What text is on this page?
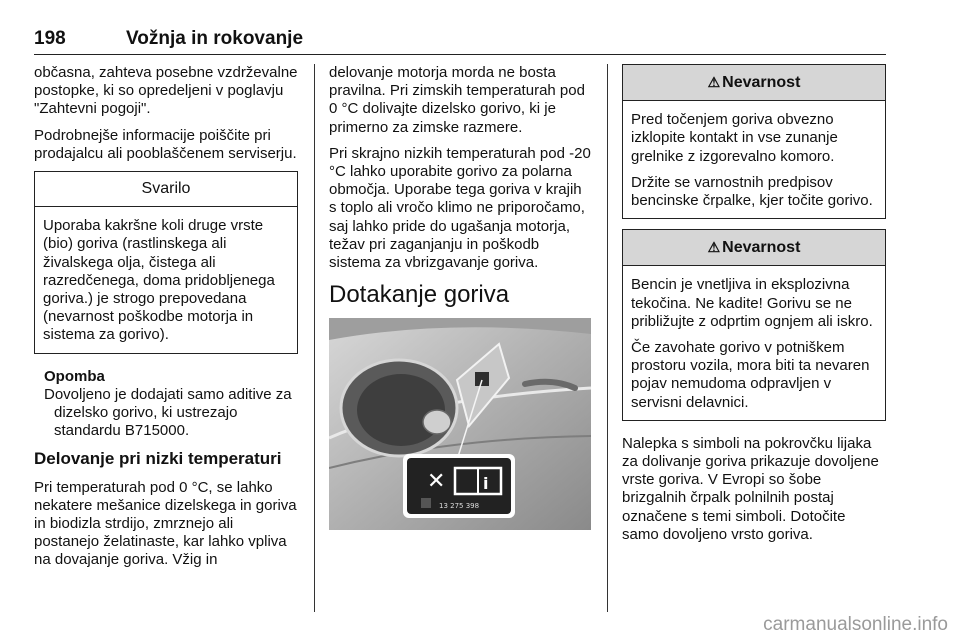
198	Vožnja in rokovanje

občasna, zahteva posebne vzdrževalne postopke, ki so opredeljeni v poglavju "Zahtevni pogoji".

Podrobnejše informacije poiščite pri prodajalcu ali pooblaščenem serviserju.

Svarilo

Uporaba kakršne koli druge vrste (bio) goriva (rastlinskega ali živalskega olja, čistega ali razredčenega, doma pridobljenega goriva.) je strogo prepovedana (nevarnost poškodbe motorja in sistema za gorivo).

Opomba
Dovoljeno je dodajati samo aditive za dizelsko gorivo, ki ustrezajo standardu B715000.
Delovanje pri nizki temperaturi

Pri temperaturah pod 0 °C, se lahko nekatere mešanice dizelskega in goriva in biodizla strdijo, zmrznejo ali postanejo želatinaste, kar lahko vpliva na dovajanje goriva. Vžig in

delovanje motorja morda ne bosta pravilna. Pri zimskih temperaturah pod 0 °C dolivajte dizelsko gorivo, ki je primerno za zimske razmere.

Pri skrajno nizkih temperaturah pod -20 °C lahko uporabite gorivo za polarna območja. Uporabe tega goriva v krajih s toplo ali vročo klimo ne priporočamo, saj lahko pride do ugašanja motorja, težav pri zaganjanju in poškodb sistema za vbrizgavanje goriva.

Dotakanje goriva
✕ i
13 275 398
⚠ Nevarnost

Pred točenjem goriva obvezno izklopite kontakt in vse zunanje grelnike z izgorevalno komoro.

Držite se varnostnih predpisov bencinske črpalke, kjer točite gorivo.

⚠ Nevarnost

Bencin je vnetljiva in eksplozivna tekočina. Ne kadite! Gorivu se ne približujte z odprtim ognjem ali iskro.

Če zavohate gorivo v potniškem prostoru vozila, mora biti ta nevaren pojav nemudoma odpravljen v servisni delavnici.

Nalepka s simboli na pokrovčku lijaka za dolivanje goriva prikazuje dovoljene vrste goriva. V Evropi so šobe brizgalnih črpalk polnilnih postaj označene s temi simboli. Dotočite samo dovoljeno vrsto goriva.

carmanualsonline.info
